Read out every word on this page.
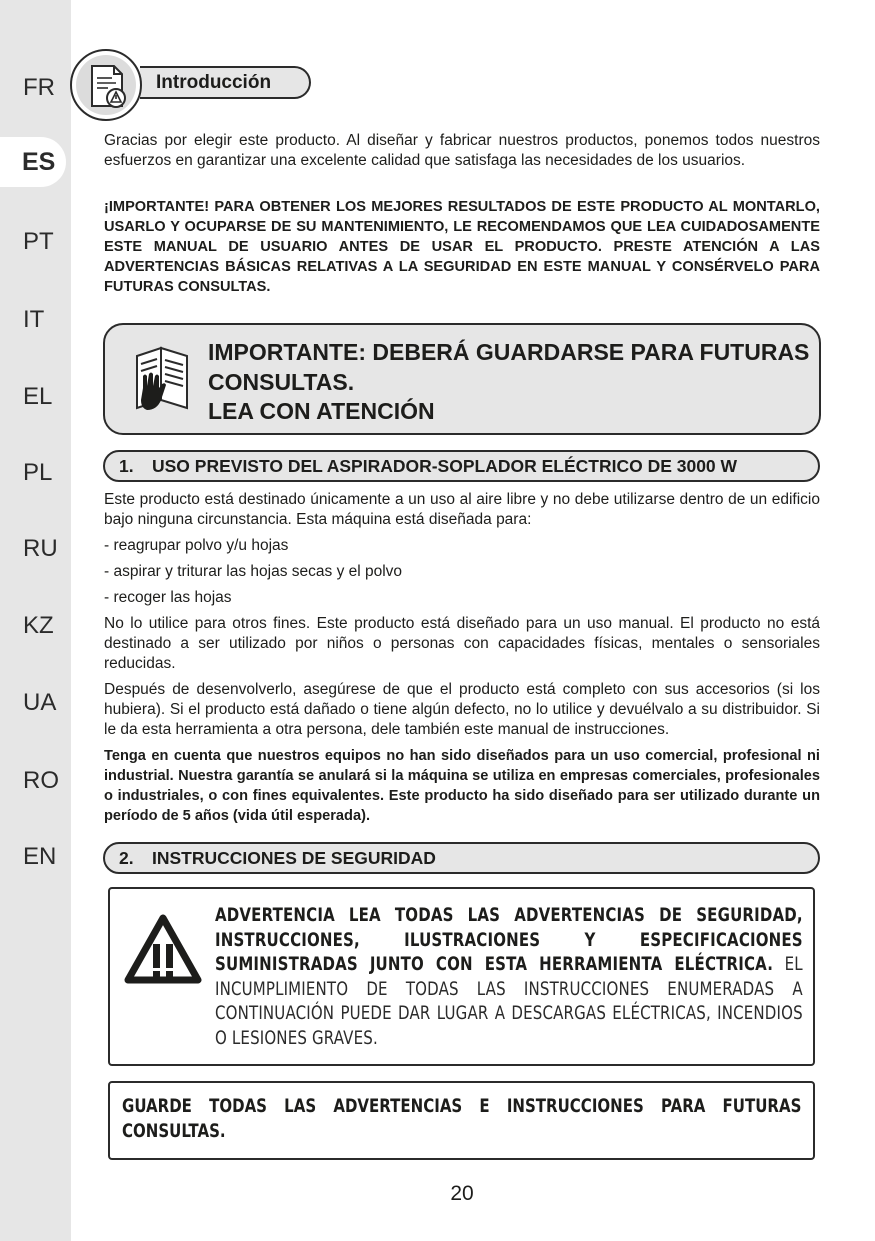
FR
ES
PT
IT
EL
PL
RU
KZ
UA
RO
EN
Introducción
Gracias por elegir este producto. Al diseñar y fabricar nuestros productos, ponemos todos nuestros esfuerzos en garantizar una excelente calidad que satisfaga las necesidades de los usuarios.
¡IMPORTANTE! PARA OBTENER LOS MEJORES RESULTADOS DE ESTE PRODUCTO AL MONTARLO, USARLO Y OCUPARSE DE SU MANTENIMIENTO, LE RECOMENDAMOS QUE LEA CUIDADOSAMENTE ESTE MANUAL DE USUARIO ANTES DE USAR EL PRODUCTO. PRESTE ATENCIÓN A LAS ADVERTENCIAS BÁSICAS RELATIVAS A LA SEGURIDAD EN ESTE MANUAL Y CONSÉRVELO PARA FUTURAS CONSULTAS.
IMPORTANTE: DEBERÁ GUARDARSE PARA FUTURAS
CONSULTAS.
LEA CON ATENCIÓN
1. USO PREVISTO DEL ASPIRADOR-SOPLADOR ELÉCTRICO DE 3000 W
Este producto está destinado únicamente a un uso al aire libre y no debe utilizarse dentro de un edificio bajo ninguna circunstancia. Esta máquina está diseñada para:
- reagrupar polvo y/u hojas
- aspirar y triturar las hojas secas y el polvo
- recoger las hojas
No lo utilice para otros fines. Este producto está diseñado para un uso manual. El producto no está destinado a ser utilizado por niños o personas con capacidades físicas, mentales o sensoriales reducidas.
Después de desenvolverlo, asegúrese de que el producto está completo con sus accesorios (si los hubiera). Si el producto está dañado o tiene algún defecto, no lo utilice y devuélvalo a su distribuidor. Si le da esta herramienta a otra persona, dele también este manual de instrucciones.
Tenga en cuenta que nuestros equipos no han sido diseñados para un uso comercial, profesional ni industrial. Nuestra garantía se anulará si la máquina se utiliza en empresas comerciales, profesionales o industriales, o con fines equivalentes. Este producto ha sido diseñado para ser utilizado durante un período de 5 años (vida útil esperada).
2. INSTRUCCIONES DE SEGURIDAD
ADVERTENCIA LEA TODAS LAS ADVERTENCIAS DE SEGURIDAD, INSTRUCCIONES, ILUSTRACIONES Y ESPECIFICACIONES SUMINISTRADAS JUNTO CON ESTA HERRAMIENTA ELÉCTRICA. EL INCUMPLIMIENTO DE TODAS LAS INSTRUCCIONES ENUMERADAS A CONTINUACIÓN PUEDE DAR LUGAR A DESCARGAS ELÉCTRICAS, INCENDIOS O LESIONES GRAVES.
GUARDE TODAS LAS ADVERTENCIAS E INSTRUCCIONES PARA FUTURAS CONSULTAS.
20
